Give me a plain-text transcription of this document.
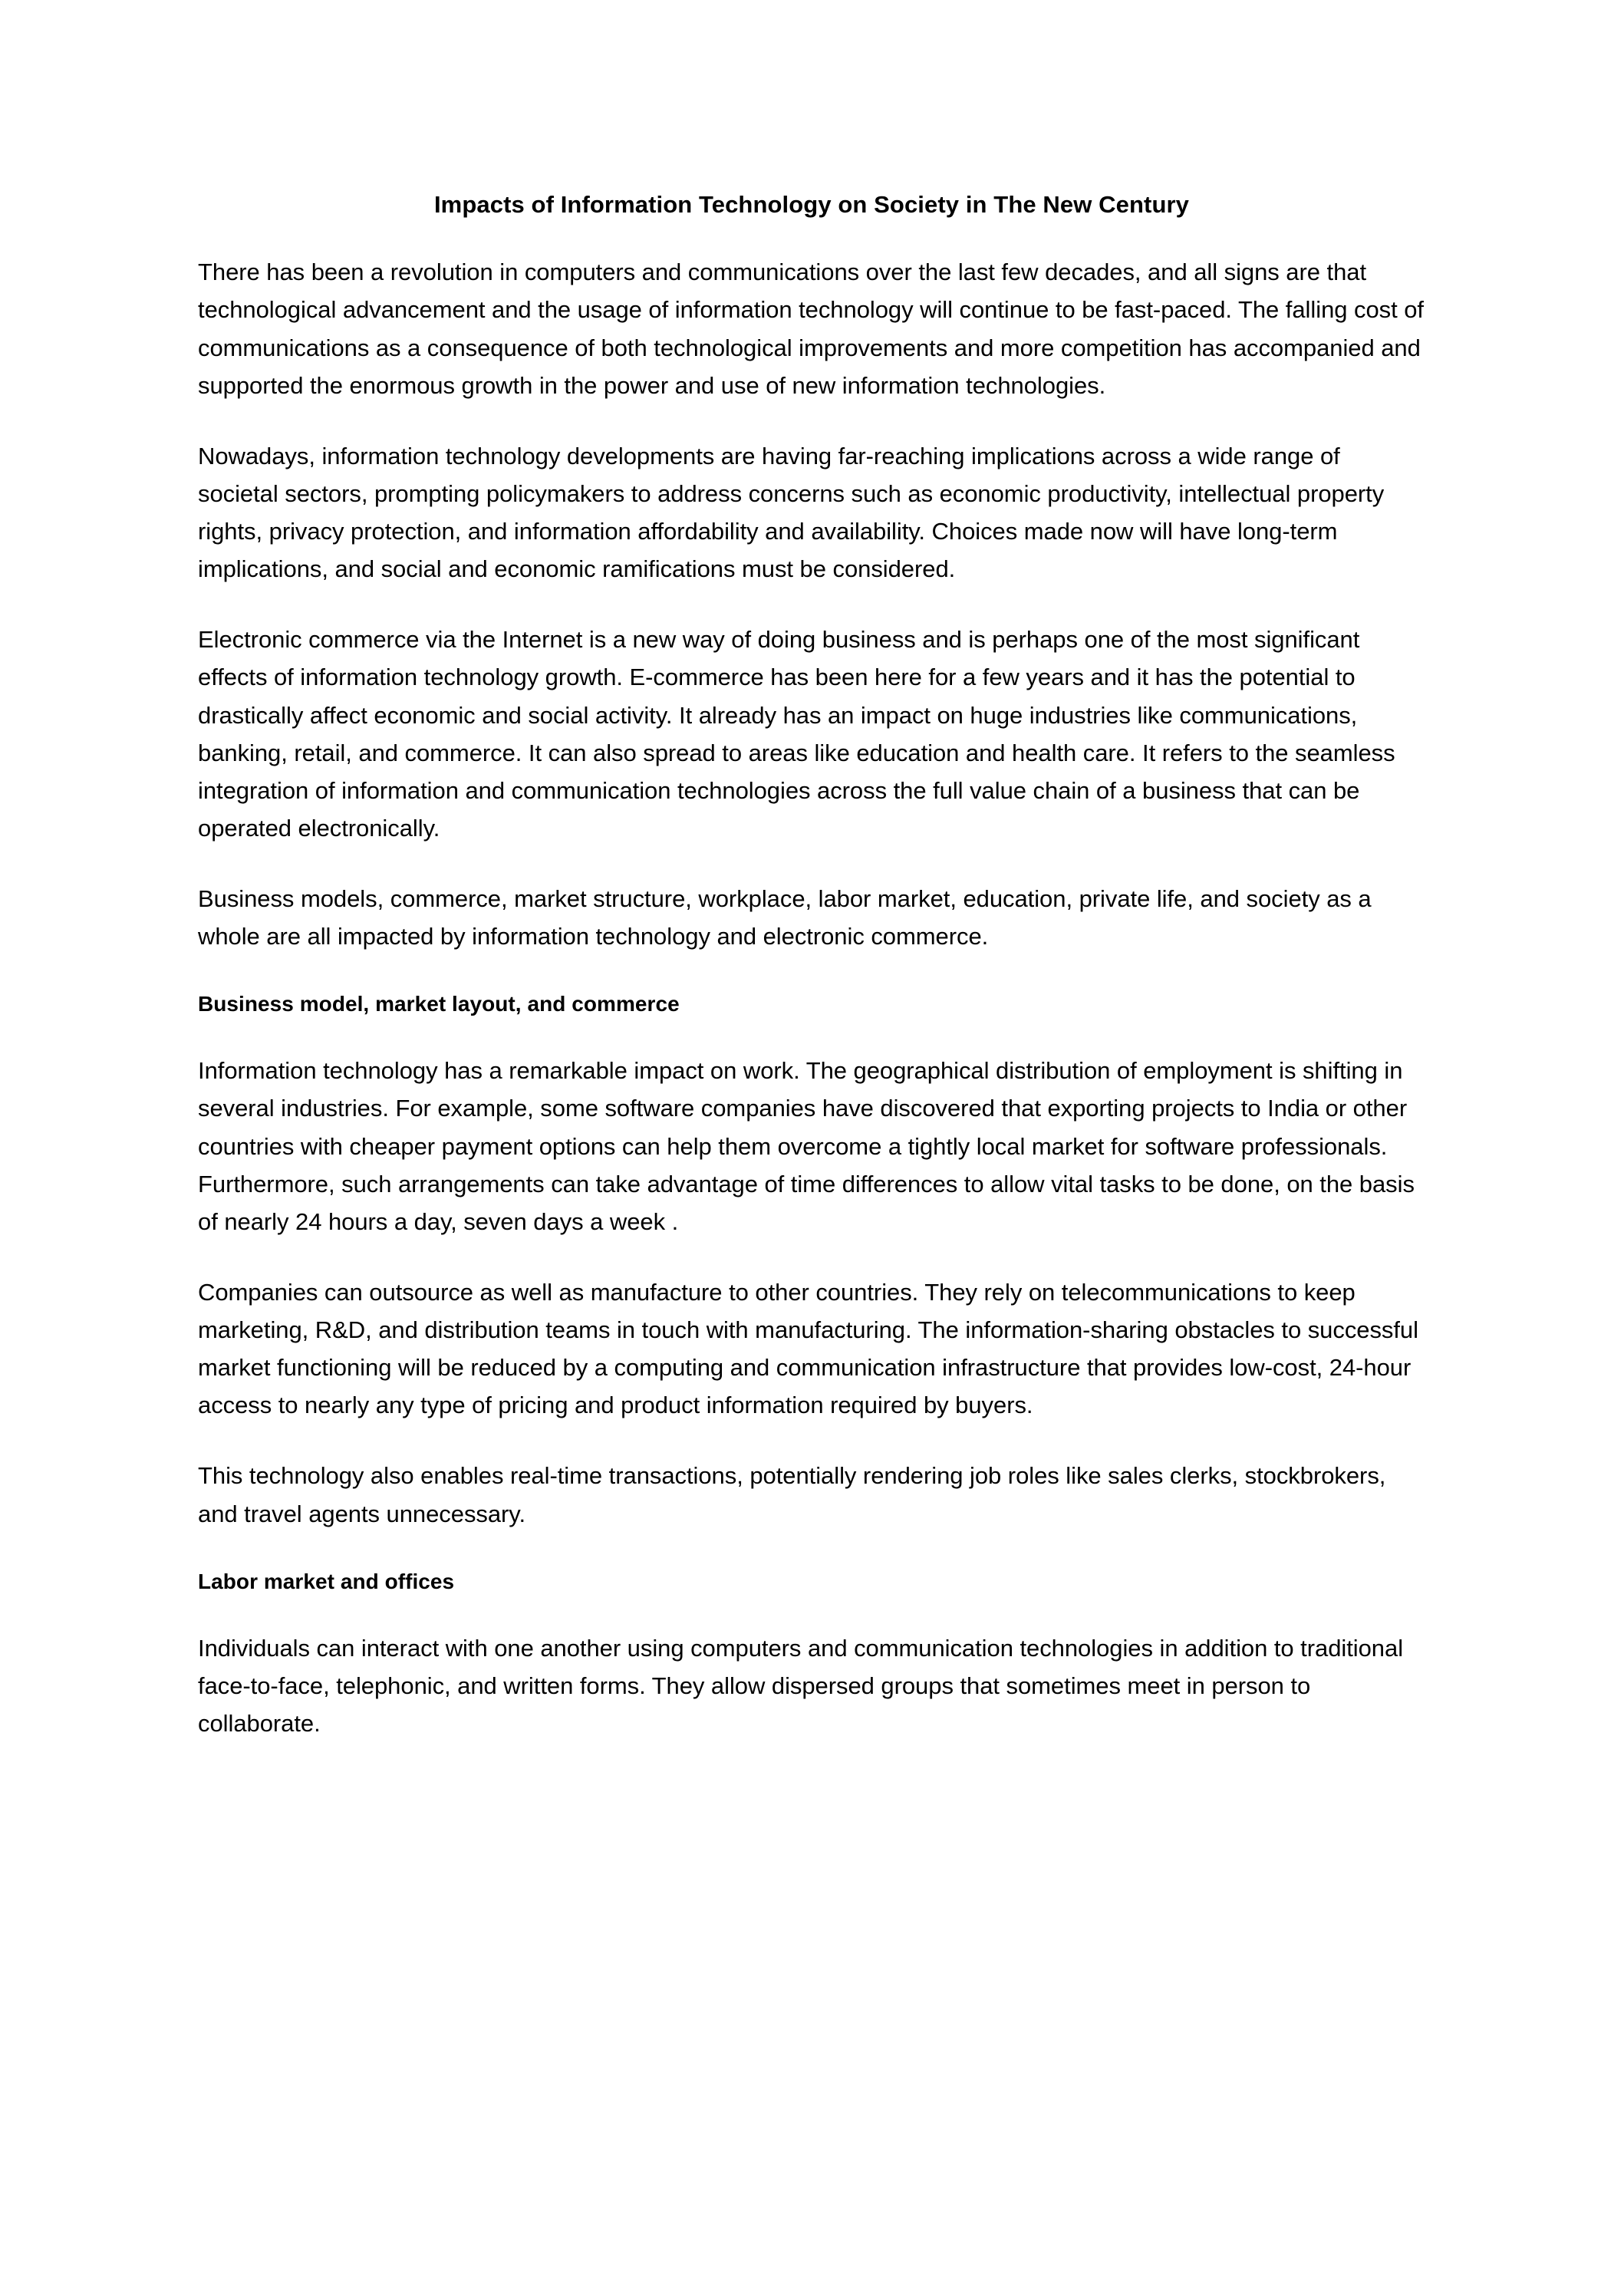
Impacts of Information Technology on Society in The New Century

There has been a revolution in computers and communications over the last few decades, and all signs are that technological advancement and the usage of information technology will continue to be fast-paced. The falling cost of communications as a consequence of both technological improvements and more competition has accompanied and supported the enormous growth in the power and use of new information technologies.

Nowadays, information technology developments are having far-reaching implications across a wide range of societal sectors, prompting policymakers to address concerns such as economic productivity, intellectual property rights, privacy protection, and information affordability and availability. Choices made now will have long-term implications, and social and economic ramifications must be considered.

Electronic commerce via the Internet is a new way of doing business and is perhaps one of the most significant effects of information technology growth. E-commerce has been here for a few years and it has the potential to drastically affect economic and social activity. It already has an impact on huge industries like communications, banking, retail, and commerce. It can also spread to areas like education and health care. It refers to the seamless integration of information and communication technologies across the full value chain of a business that can be operated electronically.

Business models, commerce, market structure, workplace, labor market, education, private life, and society as a whole are all impacted by information technology and electronic commerce.

Business model, market layout, and commerce

Information technology has a remarkable impact on work. The geographical distribution of employment is shifting in several industries. For example, some software companies have discovered that exporting projects to India or other countries with cheaper payment options can help them overcome a tightly local market for software professionals. Furthermore, such arrangements can take advantage of time differences to allow vital tasks to be done, on the basis of nearly 24 hours a day, seven days a week .

Companies can outsource as well as manufacture to other countries. They rely on telecommunications to keep marketing, R&D, and distribution teams in touch with manufacturing. The information-sharing obstacles to successful market functioning will be reduced by a computing and communication infrastructure that provides low-cost, 24-hour access to nearly any type of pricing and product information required by buyers.

This technology also enables real-time transactions, potentially rendering job roles like sales clerks, stockbrokers, and travel agents unnecessary.

Labor market and offices

Individuals can interact with one another using computers and communication technologies in addition to traditional face-to-face, telephonic, and written forms. They allow dispersed groups that sometimes meet in person to collaborate.
